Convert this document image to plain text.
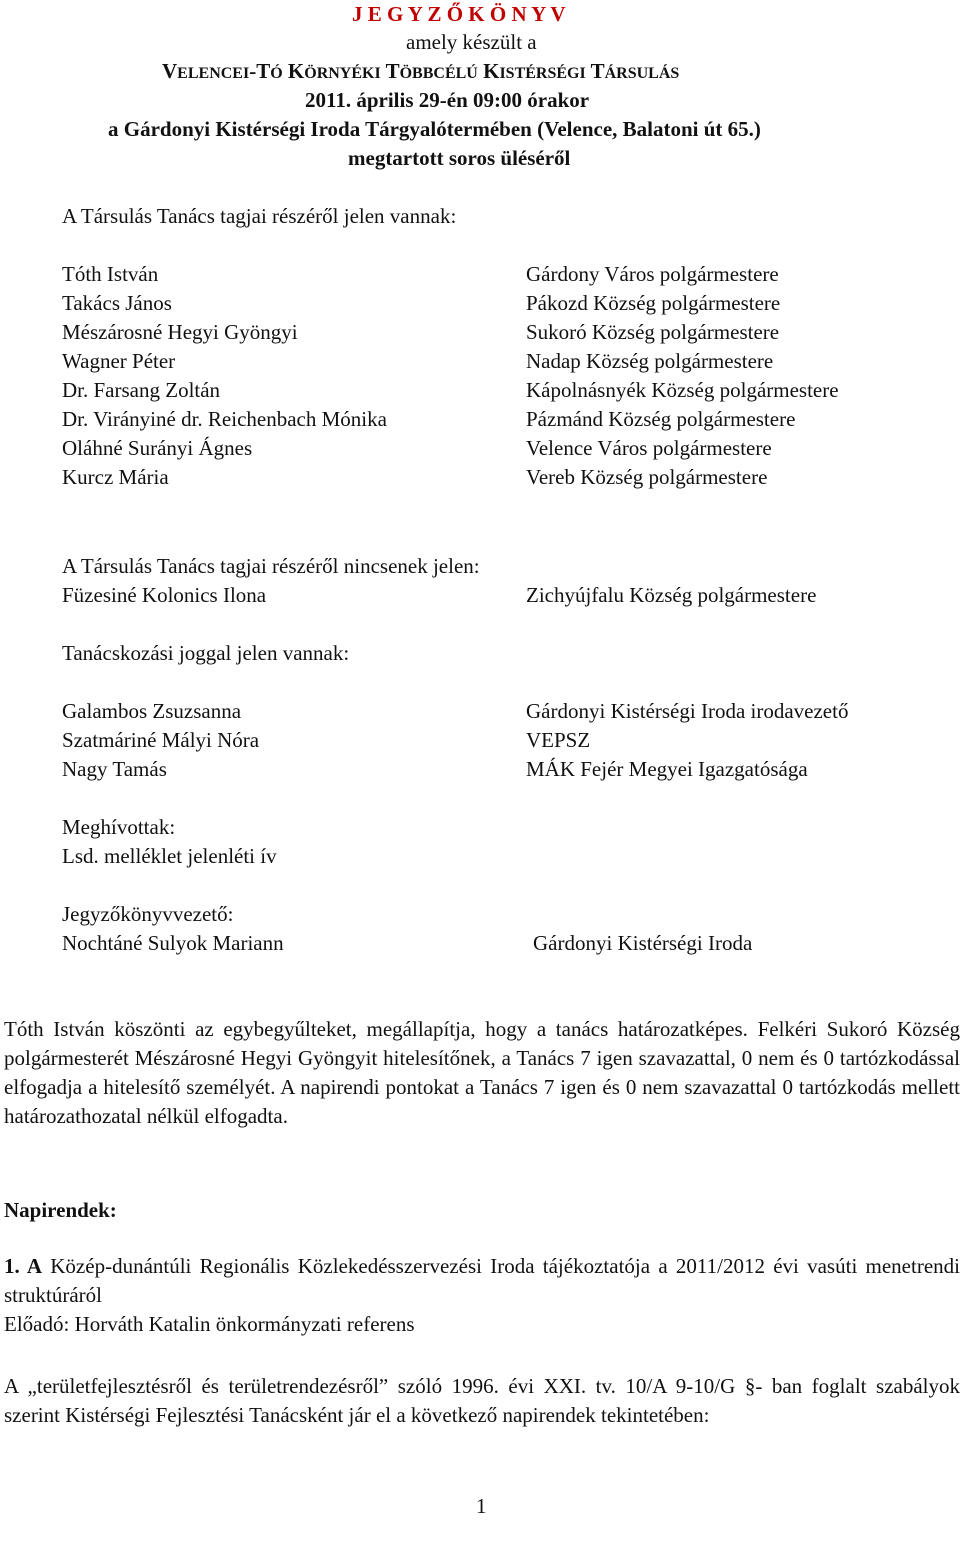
J E G Y Z Ő K Ö N Y V
amely készült a
VELENCEI-TÓ KÖRNYÉKI TÖBBCÉLÚ KISTÉRSÉGI TÁRSULÁS
2011. április 29-én 09:00 órakor
a Gárdonyi Kistérségi Iroda Tárgyalótermében (Velence, Balatoni út 65.)
megtartott soros üléséről
A Társulás Tanács tagjai részéről jelen vannak:
Tóth István
Takács János
Mészárosné Hegyi Gyöngyi
Wagner Péter
Dr. Farsang Zoltán
Dr. Virányiné dr. Reichenbach Mónika
Oláhné Surányi Ágnes
Kurcz Mária
Gárdony Város polgármestere
Pákozd Község polgármestere
Sukoró Község polgármestere
Nadap Község polgármestere
Kápolnásnyék Község polgármestere
Pázmánd Község polgármestere
Velence Város polgármestere
Vereb Község polgármestere
A Társulás Tanács tagjai részéről nincsenek jelen:
Füzesiné Kolonics Ilona	Zichyújfalu Község polgármestere
Tanácskozási joggal jelen vannak:
Galambos Zsuzsanna
Szatmáriné Mályi Nóra
Nagy Tamás
Gárdonyi Kistérségi Iroda irodavezető
VEPSZ
MÁK Fejér Megyei Igazgatósága
Meghívottak:
Lsd. melléklet jelenléti ív
Jegyzőkönyvvezető:
Nochtáné Sulyok Mariann	Gárdonyi Kistérségi Iroda
Tóth István köszönti az egybegyűlteket, megállapítja, hogy a tanács határozatképes. Felkéri Sukoró Község polgármesterét Mészárosné Hegyi Gyöngyit hitelesítőnek, a Tanács 7 igen szavazattal, 0 nem és 0 tartózkodással elfogadja a hitelesítő személyét. A napirendi pontokat a Tanács 7 igen és 0 nem szavazattal 0 tartózkodás mellett határozathozatal nélkül elfogadta.
Napirendek:
1. A Közép-dunántúli Regionális Közlekedésszervezési Iroda tájékoztatója a 2011/2012 évi vasúti menetrendi struktúráról
Előadó: Horváth Katalin önkormányzati referens
A „területfejlesztésről és területrendezésről” szóló 1996. évi XXI. tv. 10/A 9-10/G §- ban foglalt szabályok szerint Kistérségi Fejlesztési Tanácsként jár el a következő napirendek tekintetében:
1
